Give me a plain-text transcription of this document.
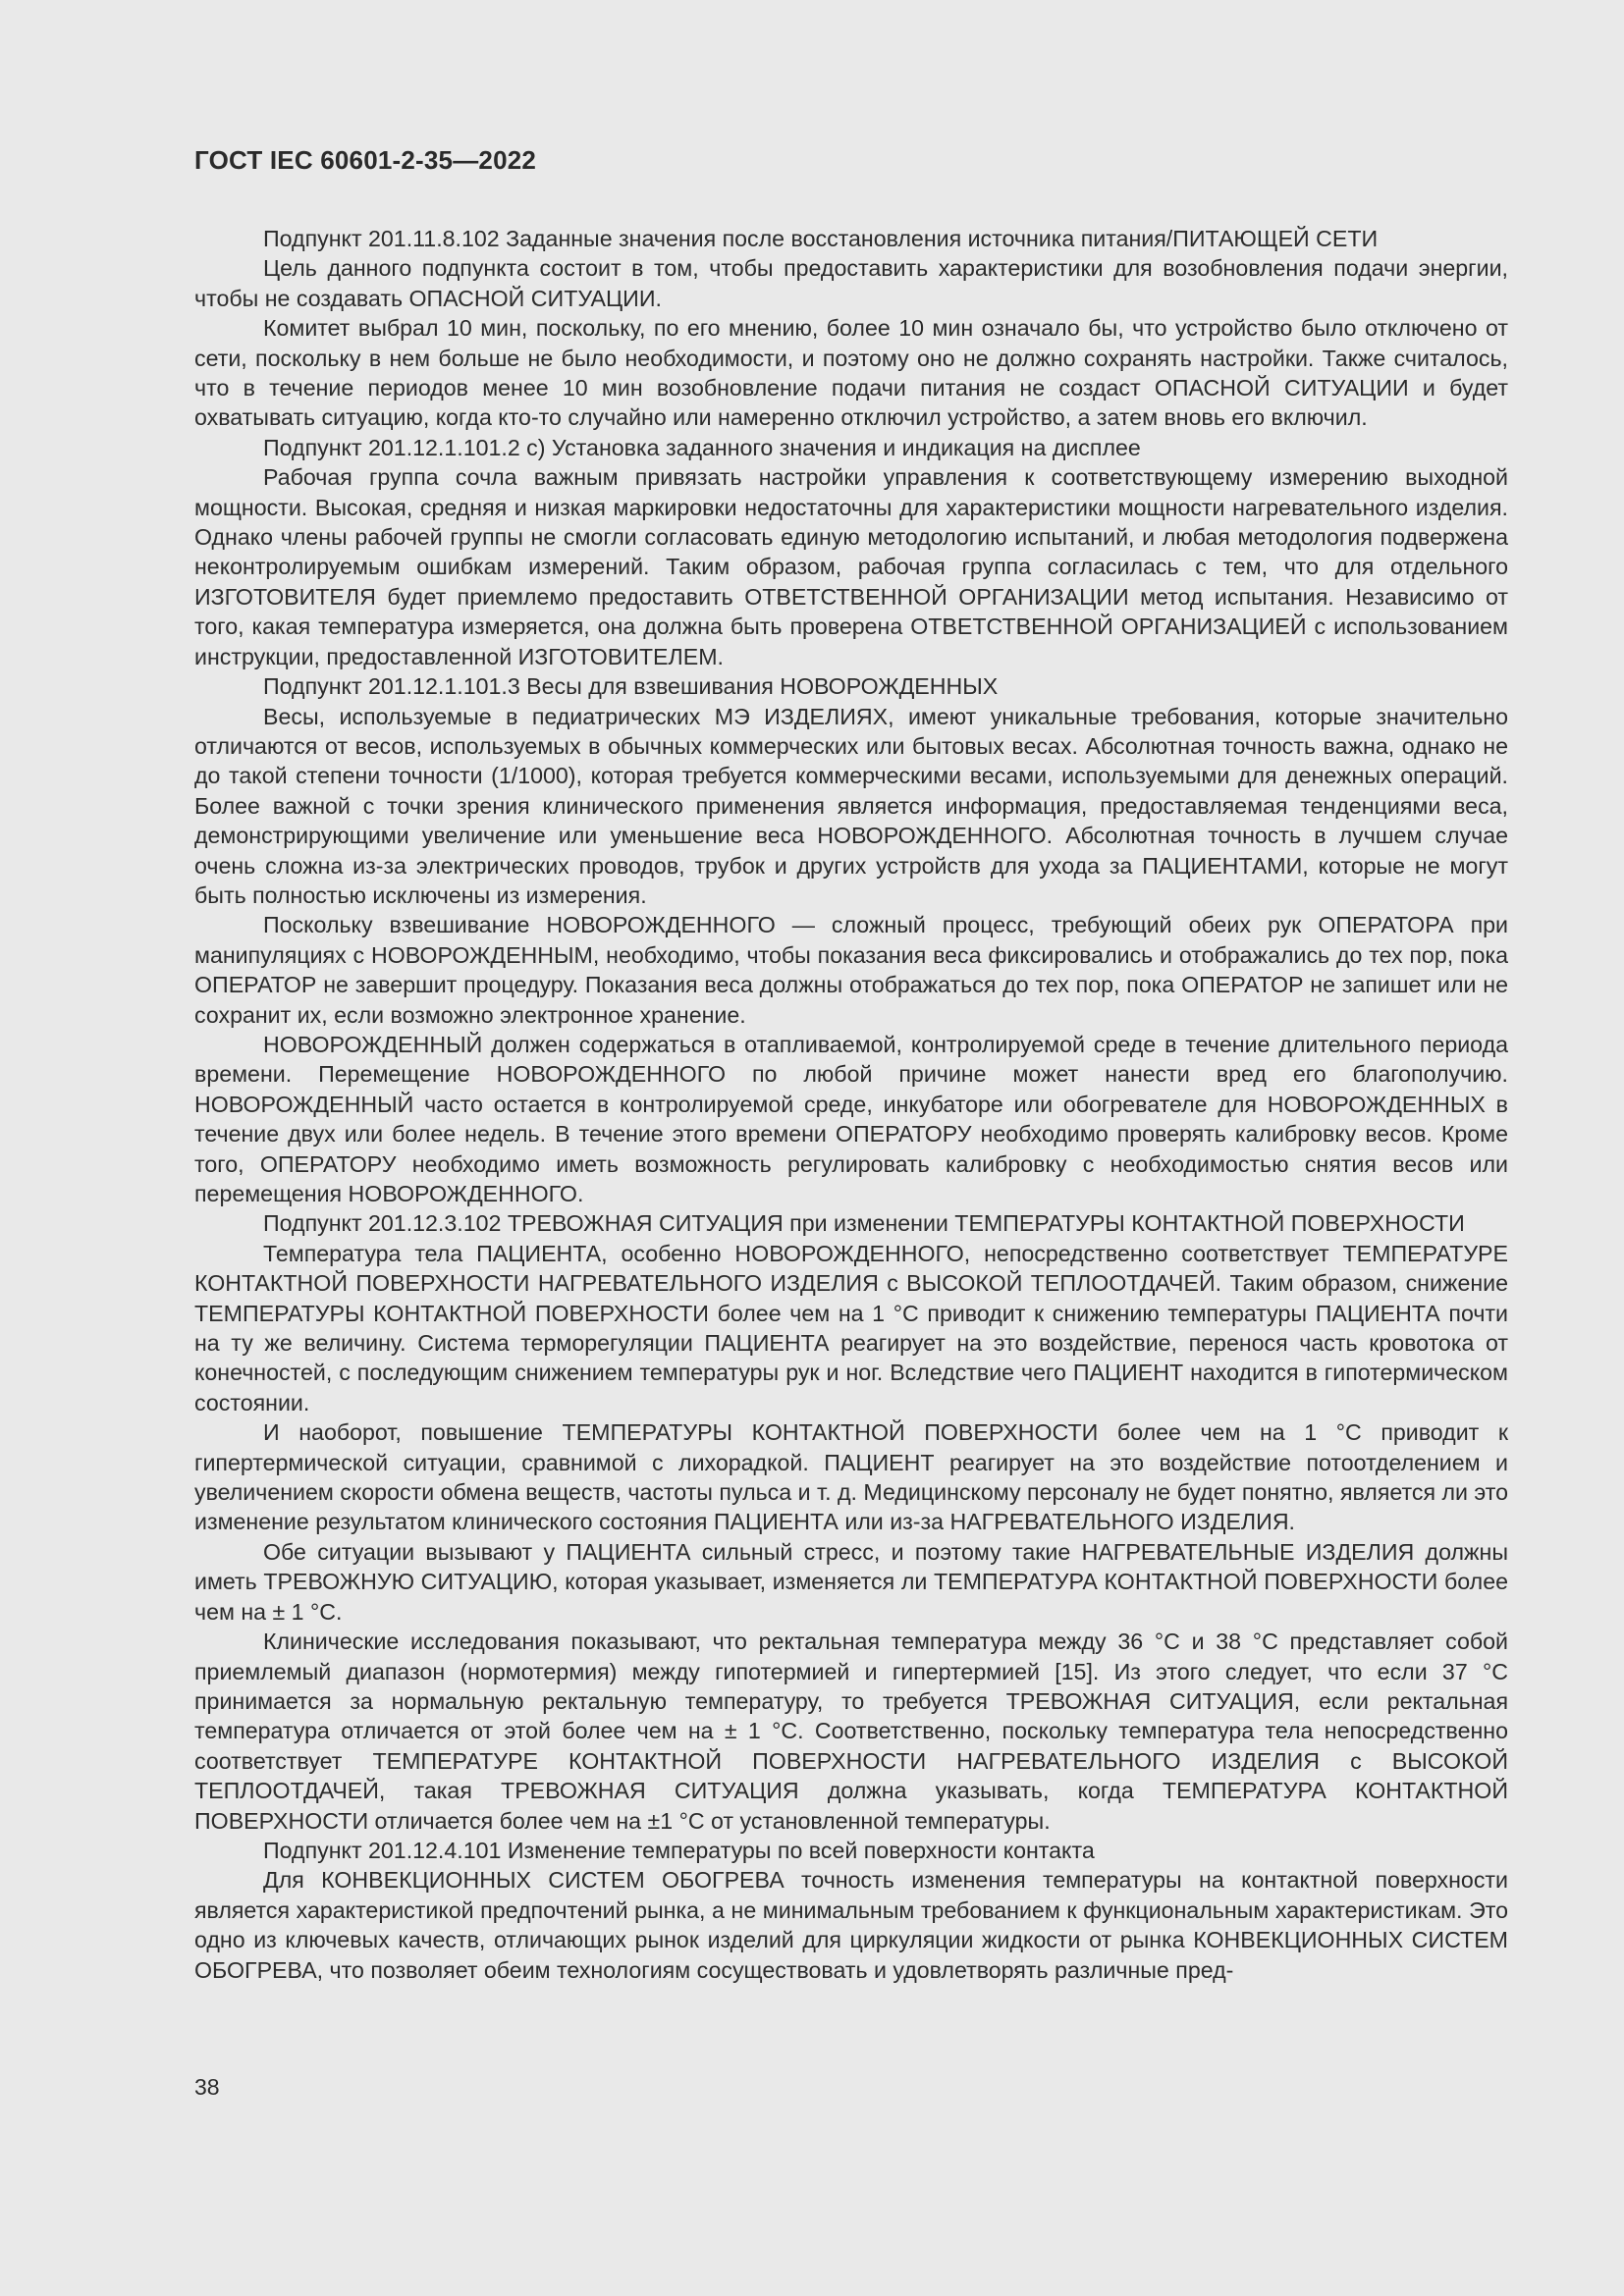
ГОСТ IEC 60601-2-35—2022

Подпункт 201.11.8.102 Заданные значения после восстановления источника питания/ПИТАЮЩЕЙ СЕТИ

Цель данного подпункта состоит в том, чтобы предоставить характеристики для возобновления подачи энергии, чтобы не создавать ОПАСНОЙ СИТУАЦИИ.

Комитет выбрал 10 мин, поскольку, по его мнению, более 10 мин означало бы, что устройство было отключено от сети, поскольку в нем больше не было необходимости, и поэтому оно не должно сохранять настройки. Также считалось, что в течение периодов менее 10 мин возобновление подачи питания не создаст ОПАСНОЙ СИТУАЦИИ и будет охватывать ситуацию, когда кто-то случайно или намеренно отключил устройство, а затем вновь его включил.

Подпункт 201.12.1.101.2 с) Установка заданного значения и индикация на дисплее

Рабочая группа сочла важным привязать настройки управления к соответствующему измерению выходной мощности. Высокая, средняя и низкая маркировки недостаточны для характеристики мощности нагревательного изделия. Однако члены рабочей группы не смогли согласовать единую методологию испытаний, и любая методология подвержена неконтролируемым ошибкам измерений. Таким образом, рабочая группа согласилась с тем, что для отдельного ИЗГОТОВИТЕЛЯ будет приемлемо предоставить ОТВЕТСТВЕННОЙ ОРГАНИЗАЦИИ метод испытания. Независимо от того, какая температура измеряется, она должна быть проверена ОТВЕТСТВЕННОЙ ОРГАНИЗАЦИЕЙ с использованием инструкции, предоставленной ИЗГОТОВИТЕЛЕМ.

Подпункт 201.12.1.101.3 Весы для взвешивания НОВОРОЖДЕННЫХ

Весы, используемые в педиатрических МЭ ИЗДЕЛИЯХ, имеют уникальные требования, которые значительно отличаются от весов, используемых в обычных коммерческих или бытовых весах. Абсолютная точность важна, однако не до такой степени точности (1/1000), которая требуется коммерческими весами, используемыми для денежных операций. Более важной с точки зрения клинического применения является информация, предоставляемая тенденциями веса, демонстрирующими увеличение или уменьшение веса НОВОРОЖДЕННОГО. Абсолютная точность в лучшем случае очень сложна из-за электрических проводов, трубок и других устройств для ухода за ПАЦИЕНТАМИ, которые не могут быть полностью исключены из измерения.

Поскольку взвешивание НОВОРОЖДЕННОГО — сложный процесс, требующий обеих рук ОПЕРАТОРА при манипуляциях с НОВОРОЖДЕННЫМ, необходимо, чтобы показания веса фиксировались и отображались до тех пор, пока ОПЕРАТОР не завершит процедуру. Показания веса должны отображаться до тех пор, пока ОПЕРАТОР не запишет или не сохранит их, если возможно электронное хранение.

НОВОРОЖДЕННЫЙ должен содержаться в отапливаемой, контролируемой среде в течение длительного периода времени. Перемещение НОВОРОЖДЕННОГО по любой причине может нанести вред его благополучию. НОВОРОЖДЕННЫЙ часто остается в контролируемой среде, инкубаторе или обогревателе для НОВОРОЖДЕННЫХ в течение двух или более недель. В течение этого времени ОПЕРАТОРУ необходимо проверять калибровку весов. Кроме того, ОПЕРАТОРУ необходимо иметь возможность регулировать калибровку с необходимостью снятия весов или перемещения НОВОРОЖДЕННОГО.

Подпункт 201.12.3.102 ТРЕВОЖНАЯ СИТУАЦИЯ при изменении ТЕМПЕРАТУРЫ КОНТАКТНОЙ ПОВЕРХНОСТИ

Температура тела ПАЦИЕНТА, особенно НОВОРОЖДЕННОГО, непосредственно соответствует ТЕМПЕРАТУРЕ КОНТАКТНОЙ ПОВЕРХНОСТИ НАГРЕВАТЕЛЬНОГО ИЗДЕЛИЯ с ВЫСОКОЙ ТЕПЛООТДАЧЕЙ. Таким образом, снижение ТЕМПЕРАТУРЫ КОНТАКТНОЙ ПОВЕРХНОСТИ более чем на 1 °С приводит к снижению температуры ПАЦИЕНТА почти на ту же величину. Система терморегуляции ПАЦИЕНТА реагирует на это воздействие, перенося часть кровотока от конечностей, с последующим снижением температуры рук и ног. Вследствие чего ПАЦИЕНТ находится в гипотермическом состоянии.

И наоборот, повышение ТЕМПЕРАТУРЫ КОНТАКТНОЙ ПОВЕРХНОСТИ более чем на 1 °С приводит к гипертермической ситуации, сравнимой с лихорадкой. ПАЦИЕНТ реагирует на это воздействие потоотделением и увеличением скорости обмена веществ, частоты пульса и т. д. Медицинскому персоналу не будет понятно, является ли это изменение результатом клинического состояния ПАЦИЕНТА или из-за НАГРЕВАТЕЛЬНОГО ИЗДЕЛИЯ.

Обе ситуации вызывают у ПАЦИЕНТА сильный стресс, и поэтому такие НАГРЕВАТЕЛЬНЫЕ ИЗДЕЛИЯ должны иметь ТРЕВОЖНУЮ СИТУАЦИЮ, которая указывает, изменяется ли ТЕМПЕРАТУРА КОНТАКТНОЙ ПОВЕРХНОСТИ более чем на ± 1 °С.

Клинические исследования показывают, что ректальная температура между 36 °С и 38 °С представляет собой приемлемый диапазон (нормотермия) между гипотермией и гипертермией [15]. Из этого следует, что если 37 °С принимается за нормальную ректальную температуру, то требуется ТРЕВОЖНАЯ СИТУАЦИЯ, если ректальная температура отличается от этой более чем на ± 1 °С. Соответственно, поскольку температура тела непосредственно соответствует ТЕМПЕРАТУРЕ КОНТАКТНОЙ ПОВЕРХНОСТИ НАГРЕВАТЕЛЬНОГО ИЗДЕЛИЯ с ВЫСОКОЙ ТЕПЛООТДАЧЕЙ, такая ТРЕВОЖНАЯ СИТУАЦИЯ должна указывать, когда ТЕМПЕРАТУРА КОНТАКТНОЙ ПОВЕРХНОСТИ отличается более чем на ±1 °С от установленной температуры.

Подпункт 201.12.4.101 Изменение температуры по всей поверхности контакта

Для КОНВЕКЦИОННЫХ СИСТЕМ ОБОГРЕВА точность изменения температуры на контактной поверхности является характеристикой предпочтений рынка, а не минимальным требованием к функциональным характеристикам. Это одно из ключевых качеств, отличающих рынок изделий для циркуляции жидкости от рынка КОНВЕКЦИОННЫХ СИСТЕМ ОБОГРЕВА, что позволяет обеим технологиям сосуществовать и удовлетворять различные пред-

38
